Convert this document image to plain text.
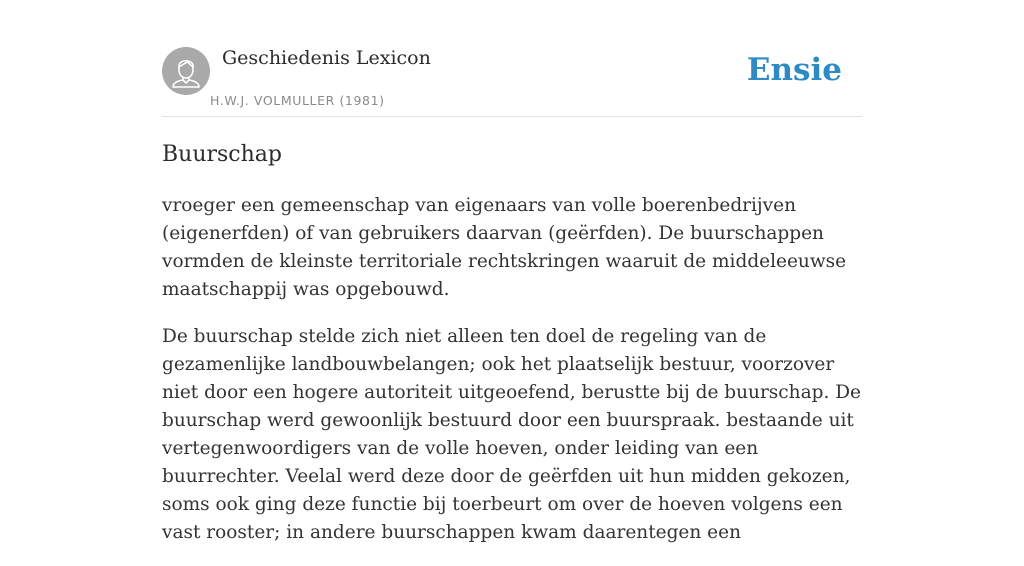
Geschiedenis Lexicon
H.W.J. VOLMULLER (1981)
Ensie
Buurschap

vroeger een gemeenschap van eigenaars van volle boerenbedrijven (eigenerfden) of van gebruikers daarvan (geërfden). De buurschappen vormden de kleinste territoriale rechtskringen waaruit de middeleeuwse maatschappij was opgebouwd.

De buurschap stelde zich niet alleen ten doel de regeling van de gezamenlijke landbouwbelangen; ook het plaatselijk bestuur, voorzover niet door een hogere autoriteit uitgeoefend, berustte bij de buurschap. De buurschap werd gewoonlijk bestuurd door een buurspraak. bestaande uit vertegenwoordigers van de volle hoeven, onder leiding van een buurrechter. Veelal werd deze door de geërfden uit hun midden gekozen, soms ook ging deze functie bij toerbeurt om over de hoeven volgens een vast rooster; in andere buurschappen kwam daarentegen een
